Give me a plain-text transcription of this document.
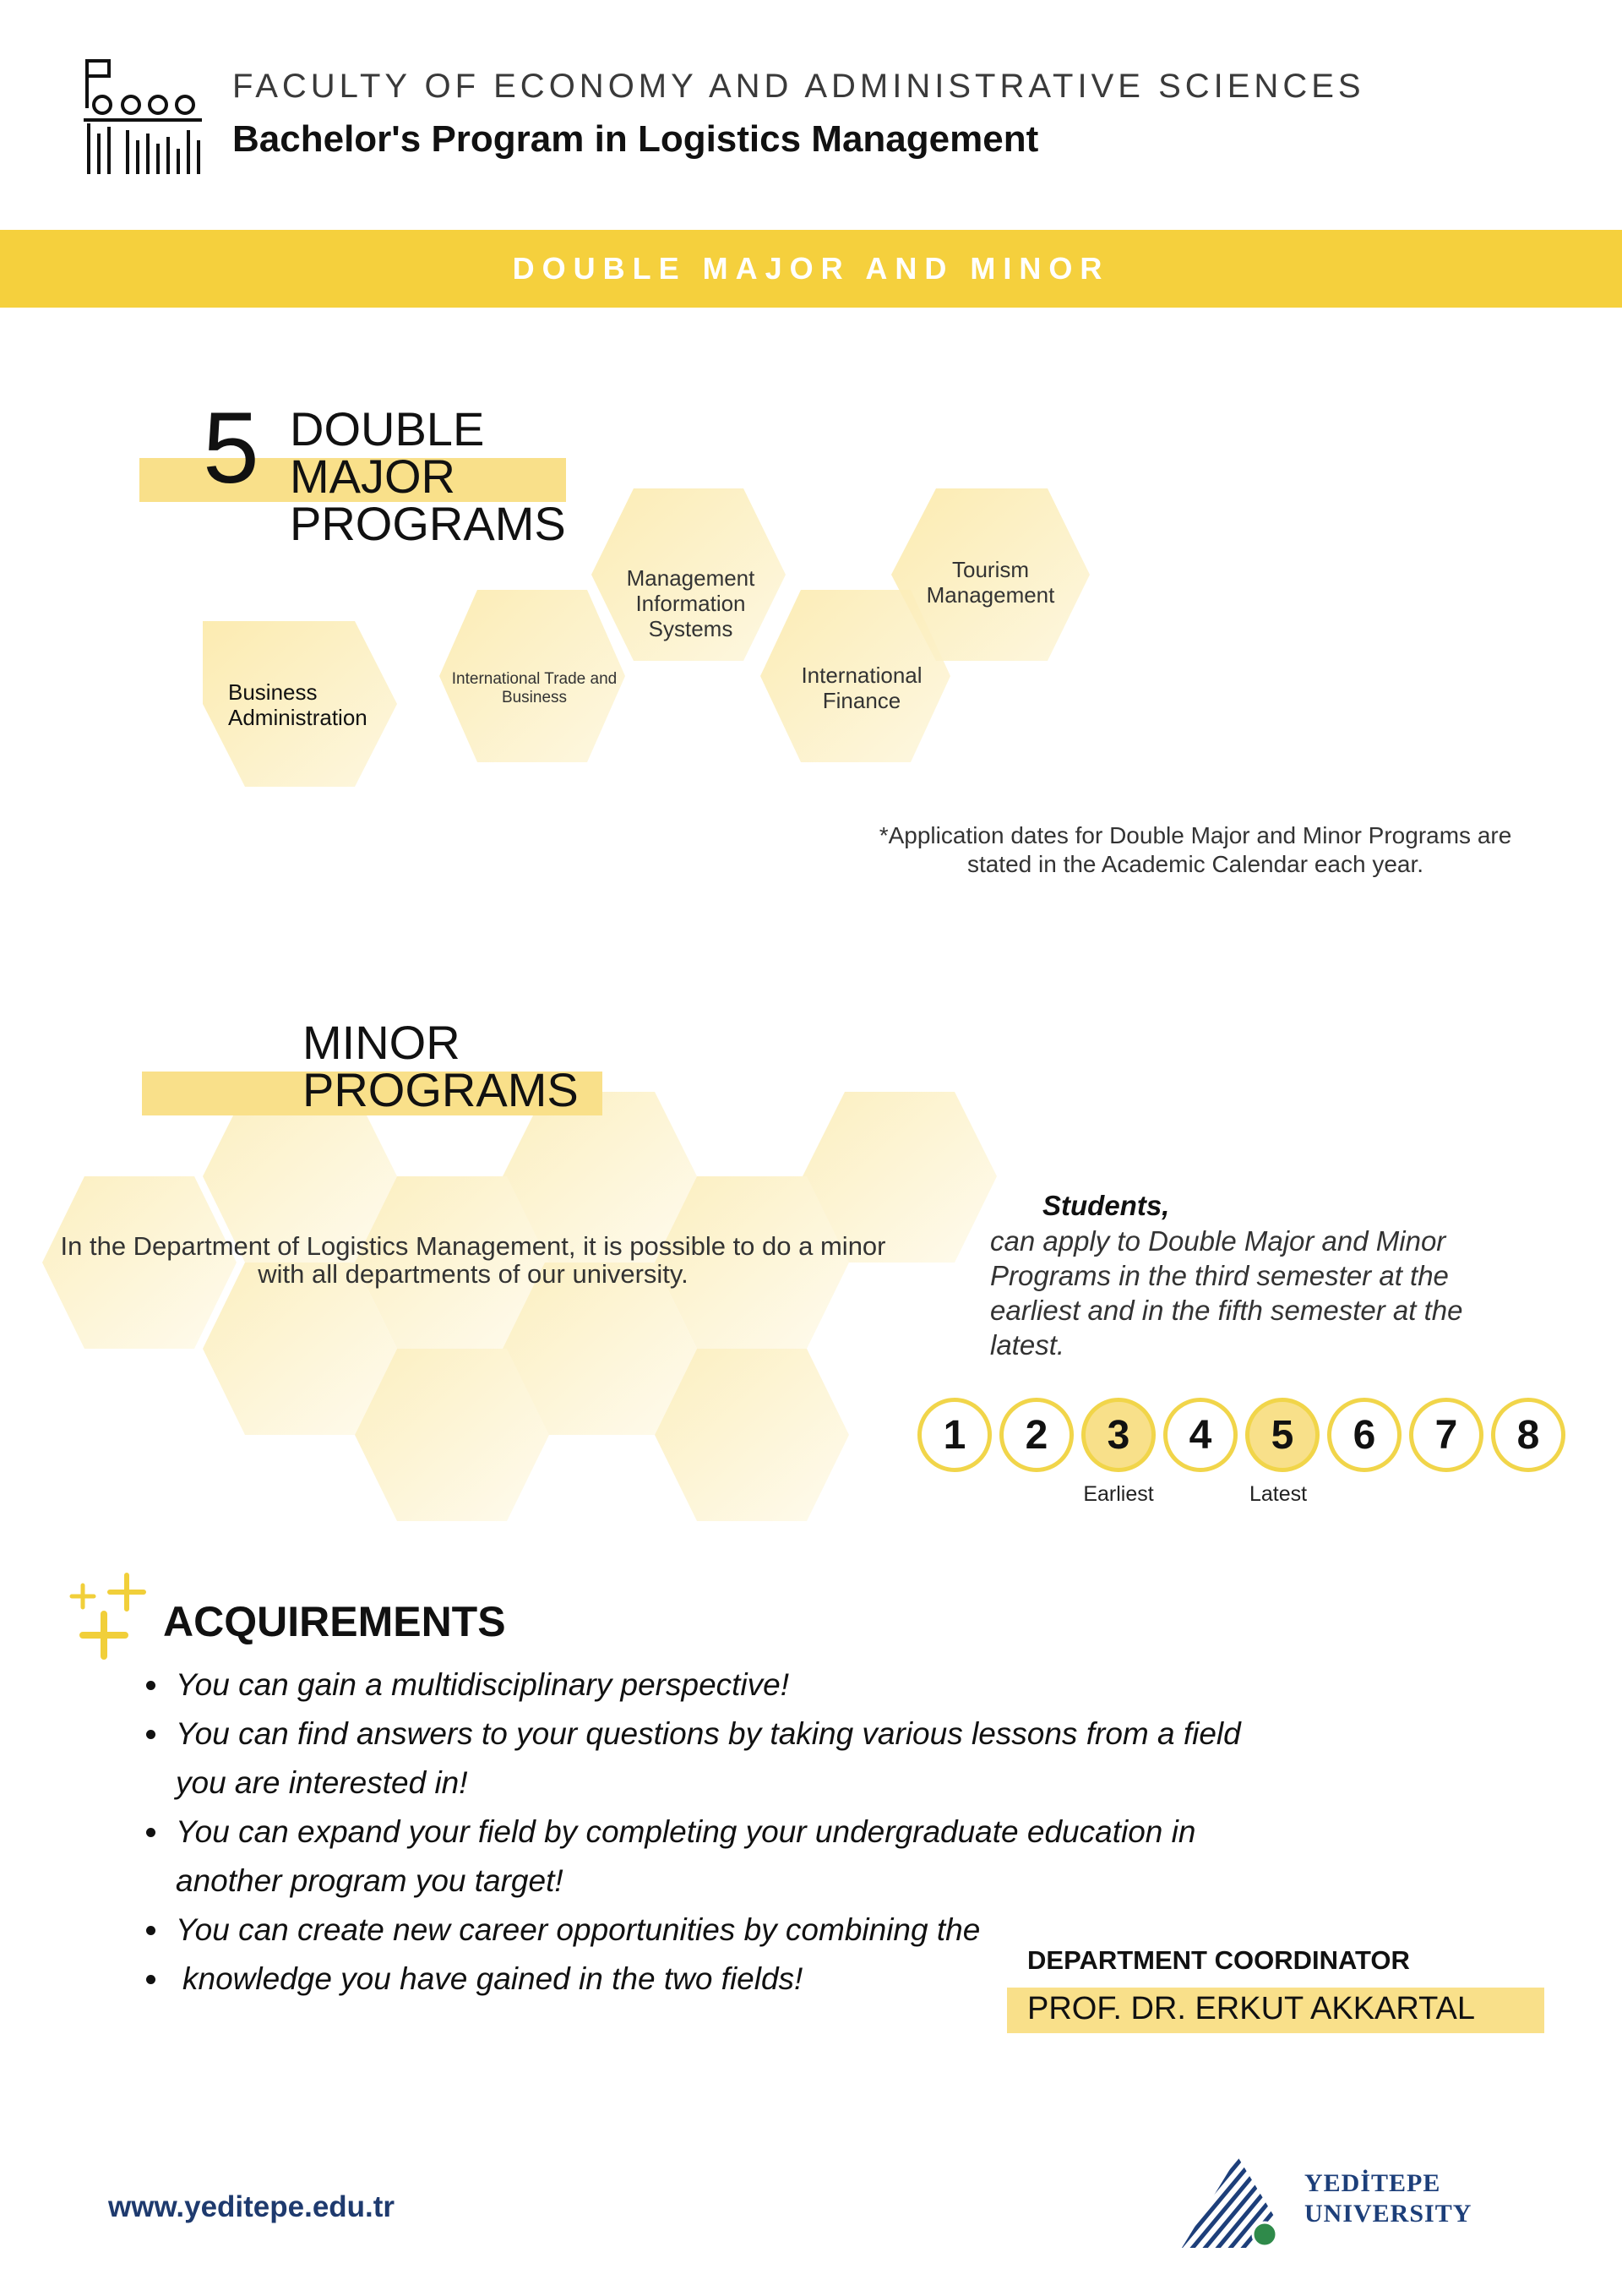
FACULTY OF ECONOMY AND ADMINISTRATIVE SCIENCES
Bachelor's Program in Logistics Management
DOUBLE MAJOR AND MINOR
5 DOUBLE
MAJOR
PROGRAMS
Business Administration
International Trade and Business
Management Information Systems
International Finance
Tourism Management
*Application dates for Double Major and Minor Programs are stated in the Academic Calendar each year.
MINOR
PROGRAMS
In the Department of Logistics Management, it is possible to do a minor with all departments of our university.
Students,
can apply to Double Major and Minor Programs in the third semester at the earliest and in the fifth semester at the latest.
1	2	3	4	5	6	7	8
Earliest	Latest
ACQUIREMENTS
• You can gain a multidisciplinary perspective!
• You can find answers to your questions by taking various lessons from a field you are interested in!
• You can expand your field by completing your undergraduate education in another program you target!
• You can create new career opportunities by combining the
• knowledge you have gained in the two fields!
DEPARTMENT COORDINATOR
PROF. DR. ERKUT AKKARTAL
www.yeditepe.edu.tr
YEDİTEPE
UNIVERSITY
